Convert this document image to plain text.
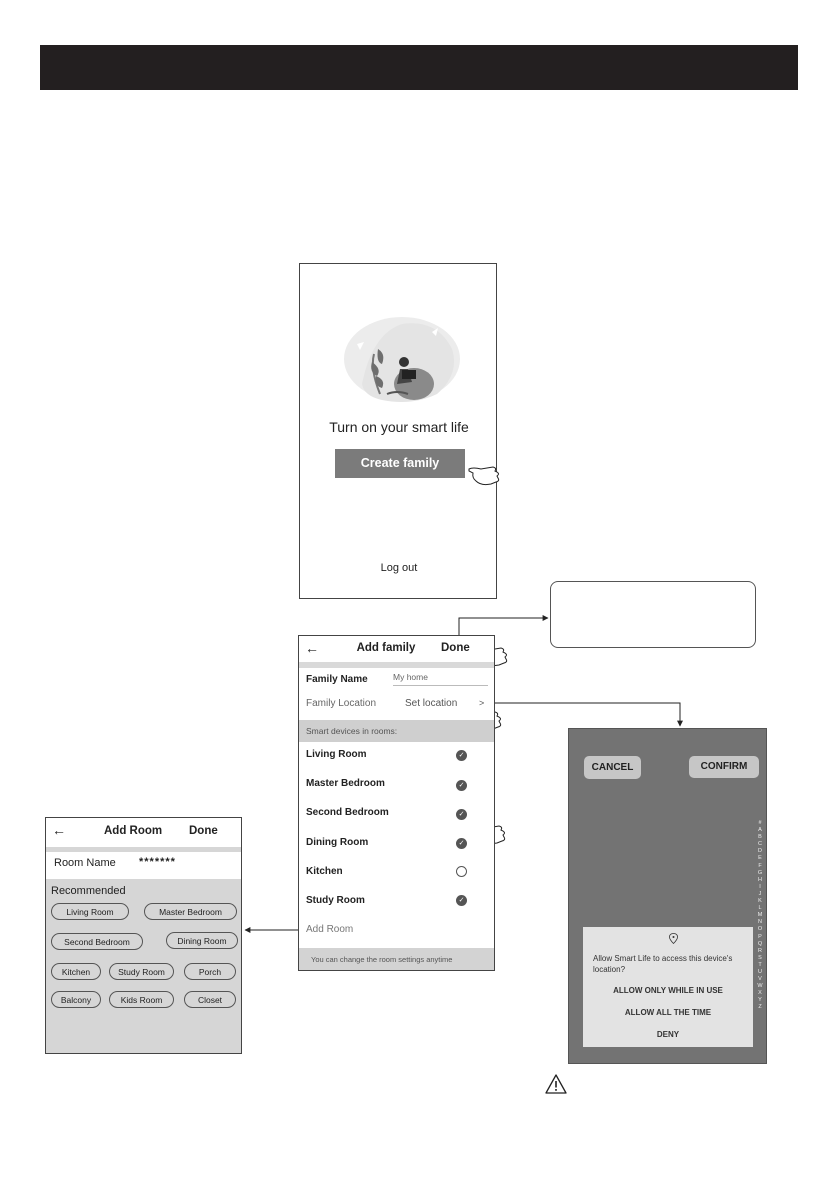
Turn on your smart life
Create family
Log out
←	Add family	Done
Family Name	My home
Family Location	Set location >
Smart devices in rooms:
Living Room	✓
Master Bedroom	✓
Second Bedroom	✓
Dining Room	✓
Kitchen
Study Room	✓
Add Room
You can change the room settings anytime
←	Add Room Done
Room Name *******
Recommended
Living Room	Master Bedroom
Second Bedroom	Dining Room
Kitchen	Study Room	Porch
Balcony	Kids Room	Closet
CANCEL	CONFIRM
#
A
B
C
D
E
F
G
H
I
J
K
L
M
N
O
P
Q
R
S
T
U
V
W
X
Y
Z
Allow Smart Life to access this device's location?
ALLOW ONLY WHILE IN USE
ALLOW ALL THE TIME
DENY
